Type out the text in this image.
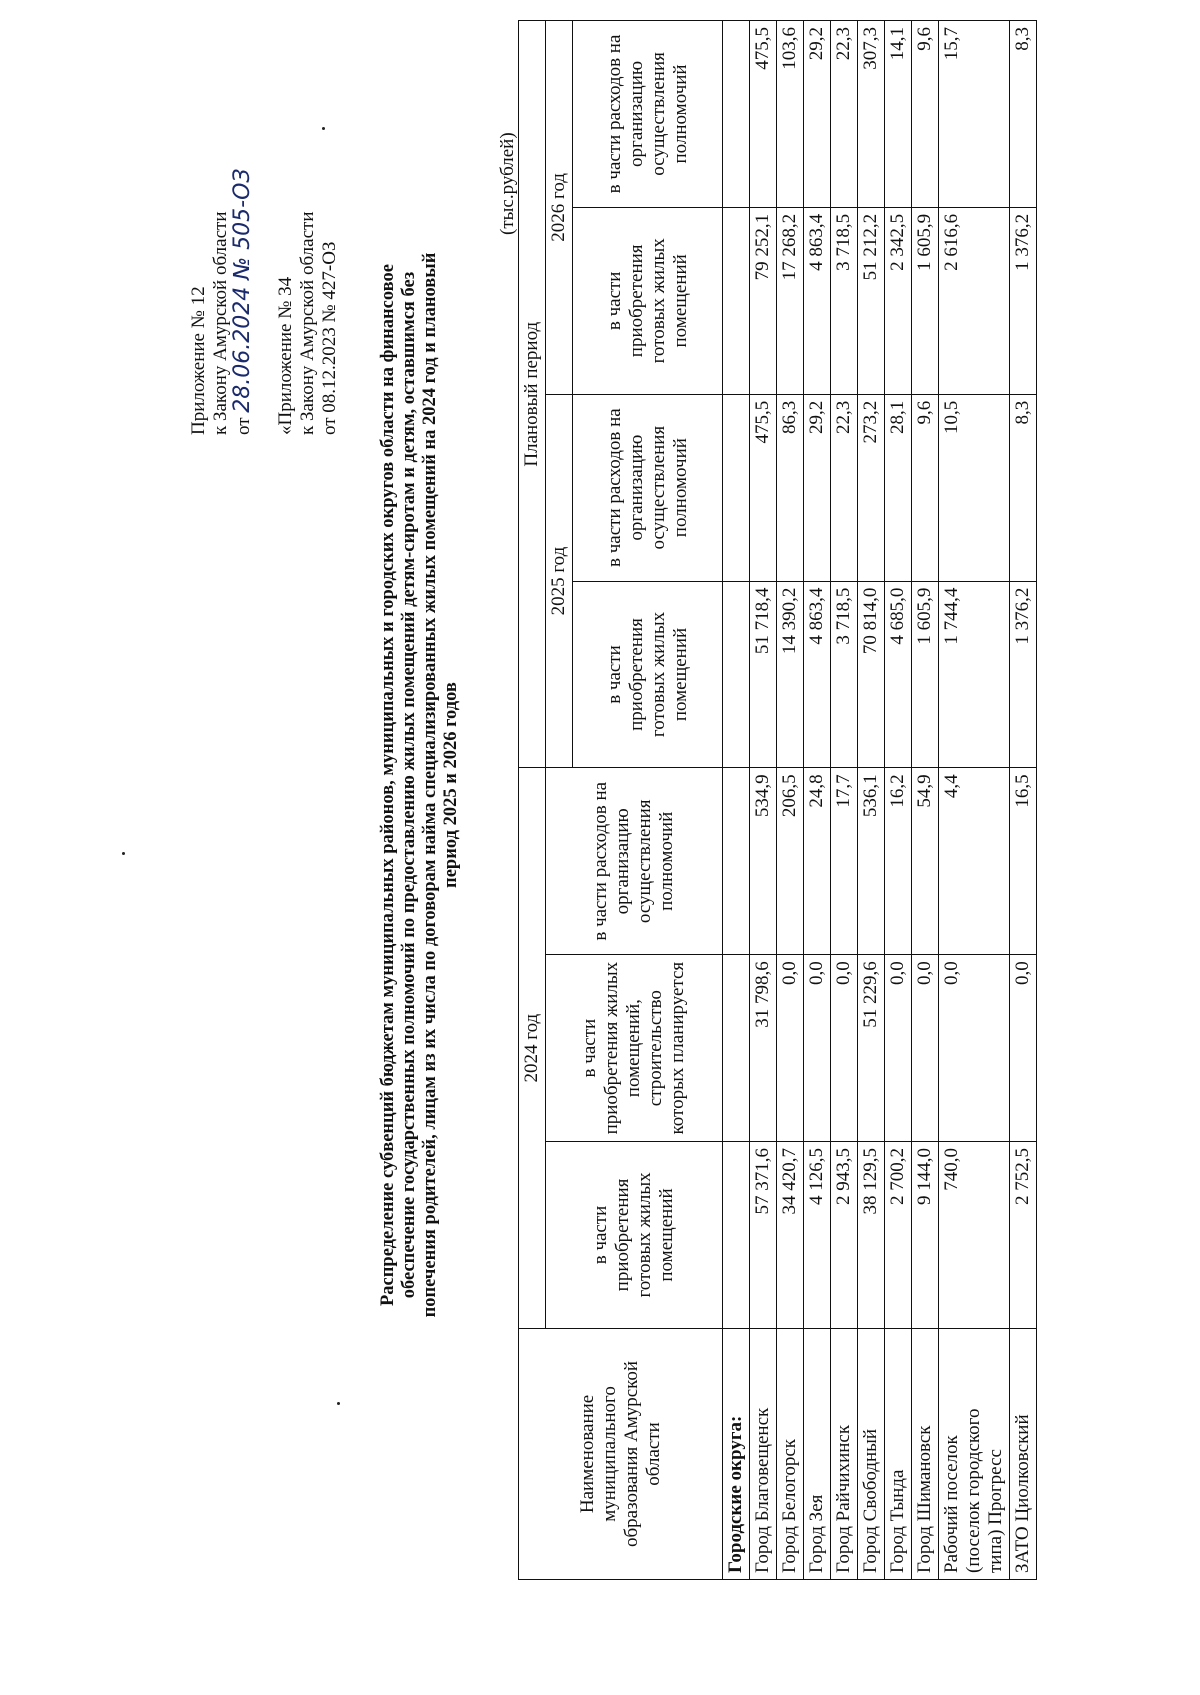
Приложение № 12 к Закону Амурской области от 28.06.2024 № 505-ОЗ «Приложение № 34 к Закону Амурской области от 08.12.2023 № 427-ОЗ Распределение субвенций бюджетам муниципальных районов, муниципальных и городских округов области на финансовое обеспечение государственных полномочий по предоставлению жилых помещений детям-сиротам и детям, оставшимся без попечения родителей, лицам из их числа по договорам найма специализированных жилых помещений на 2024 год и плановый период 2025 и 2026 годов
(тыс.рублей)
Наименование муниципального образования Амурской области	2024 год			Плановый период			
	в части приобретения готовых жилых помещений	в части приобретения жилых помещений, строительство которых планируется	в части расходов на организацию осуществления полномочий	2025 год		2026 год	
				в части приобретения готовых жилых помещений	в части расходов на организацию осуществления полномочий	в части приобретения готовых жилых помещений	в части расходов на организацию осуществления полномочий
Городские округа:							
Город Благовещенск	57 371,6	31 798,6	534,9	51 718,4	475,5	79 252,1	475,5
Город Белогорск	34 420,7	0,0	206,5	14 390,2	86,3	17 268,2	103,6
Город Зея	4 126,5	0,0	24,8	4 863,4	29,2	4 863,4	29,2
Город Райчихинск	2 943,5	0,0	17,7	3 718,5	22,3	3 718,5	22,3
Город Свободный	38 129,5	51 229,6	536,1	70 814,0	273,2	51 212,2	307,3
Город Тында	2 700,2	0,0	16,2	4 685,0	28,1	2 342,5	14,1
Город Шимановск	9 144,0	0,0	54,9	1 605,9	9,6	1 605,9	9,6

Рабочий поселок (поселок городского типа) Прогресс	740,0	0,0	4,4	1 744,4	10,5	2 616,6	15,7
ЗАТО Циолковский	2 752,5	0,0	16,5	1 376,2	8,3	1 376,2	8,3
